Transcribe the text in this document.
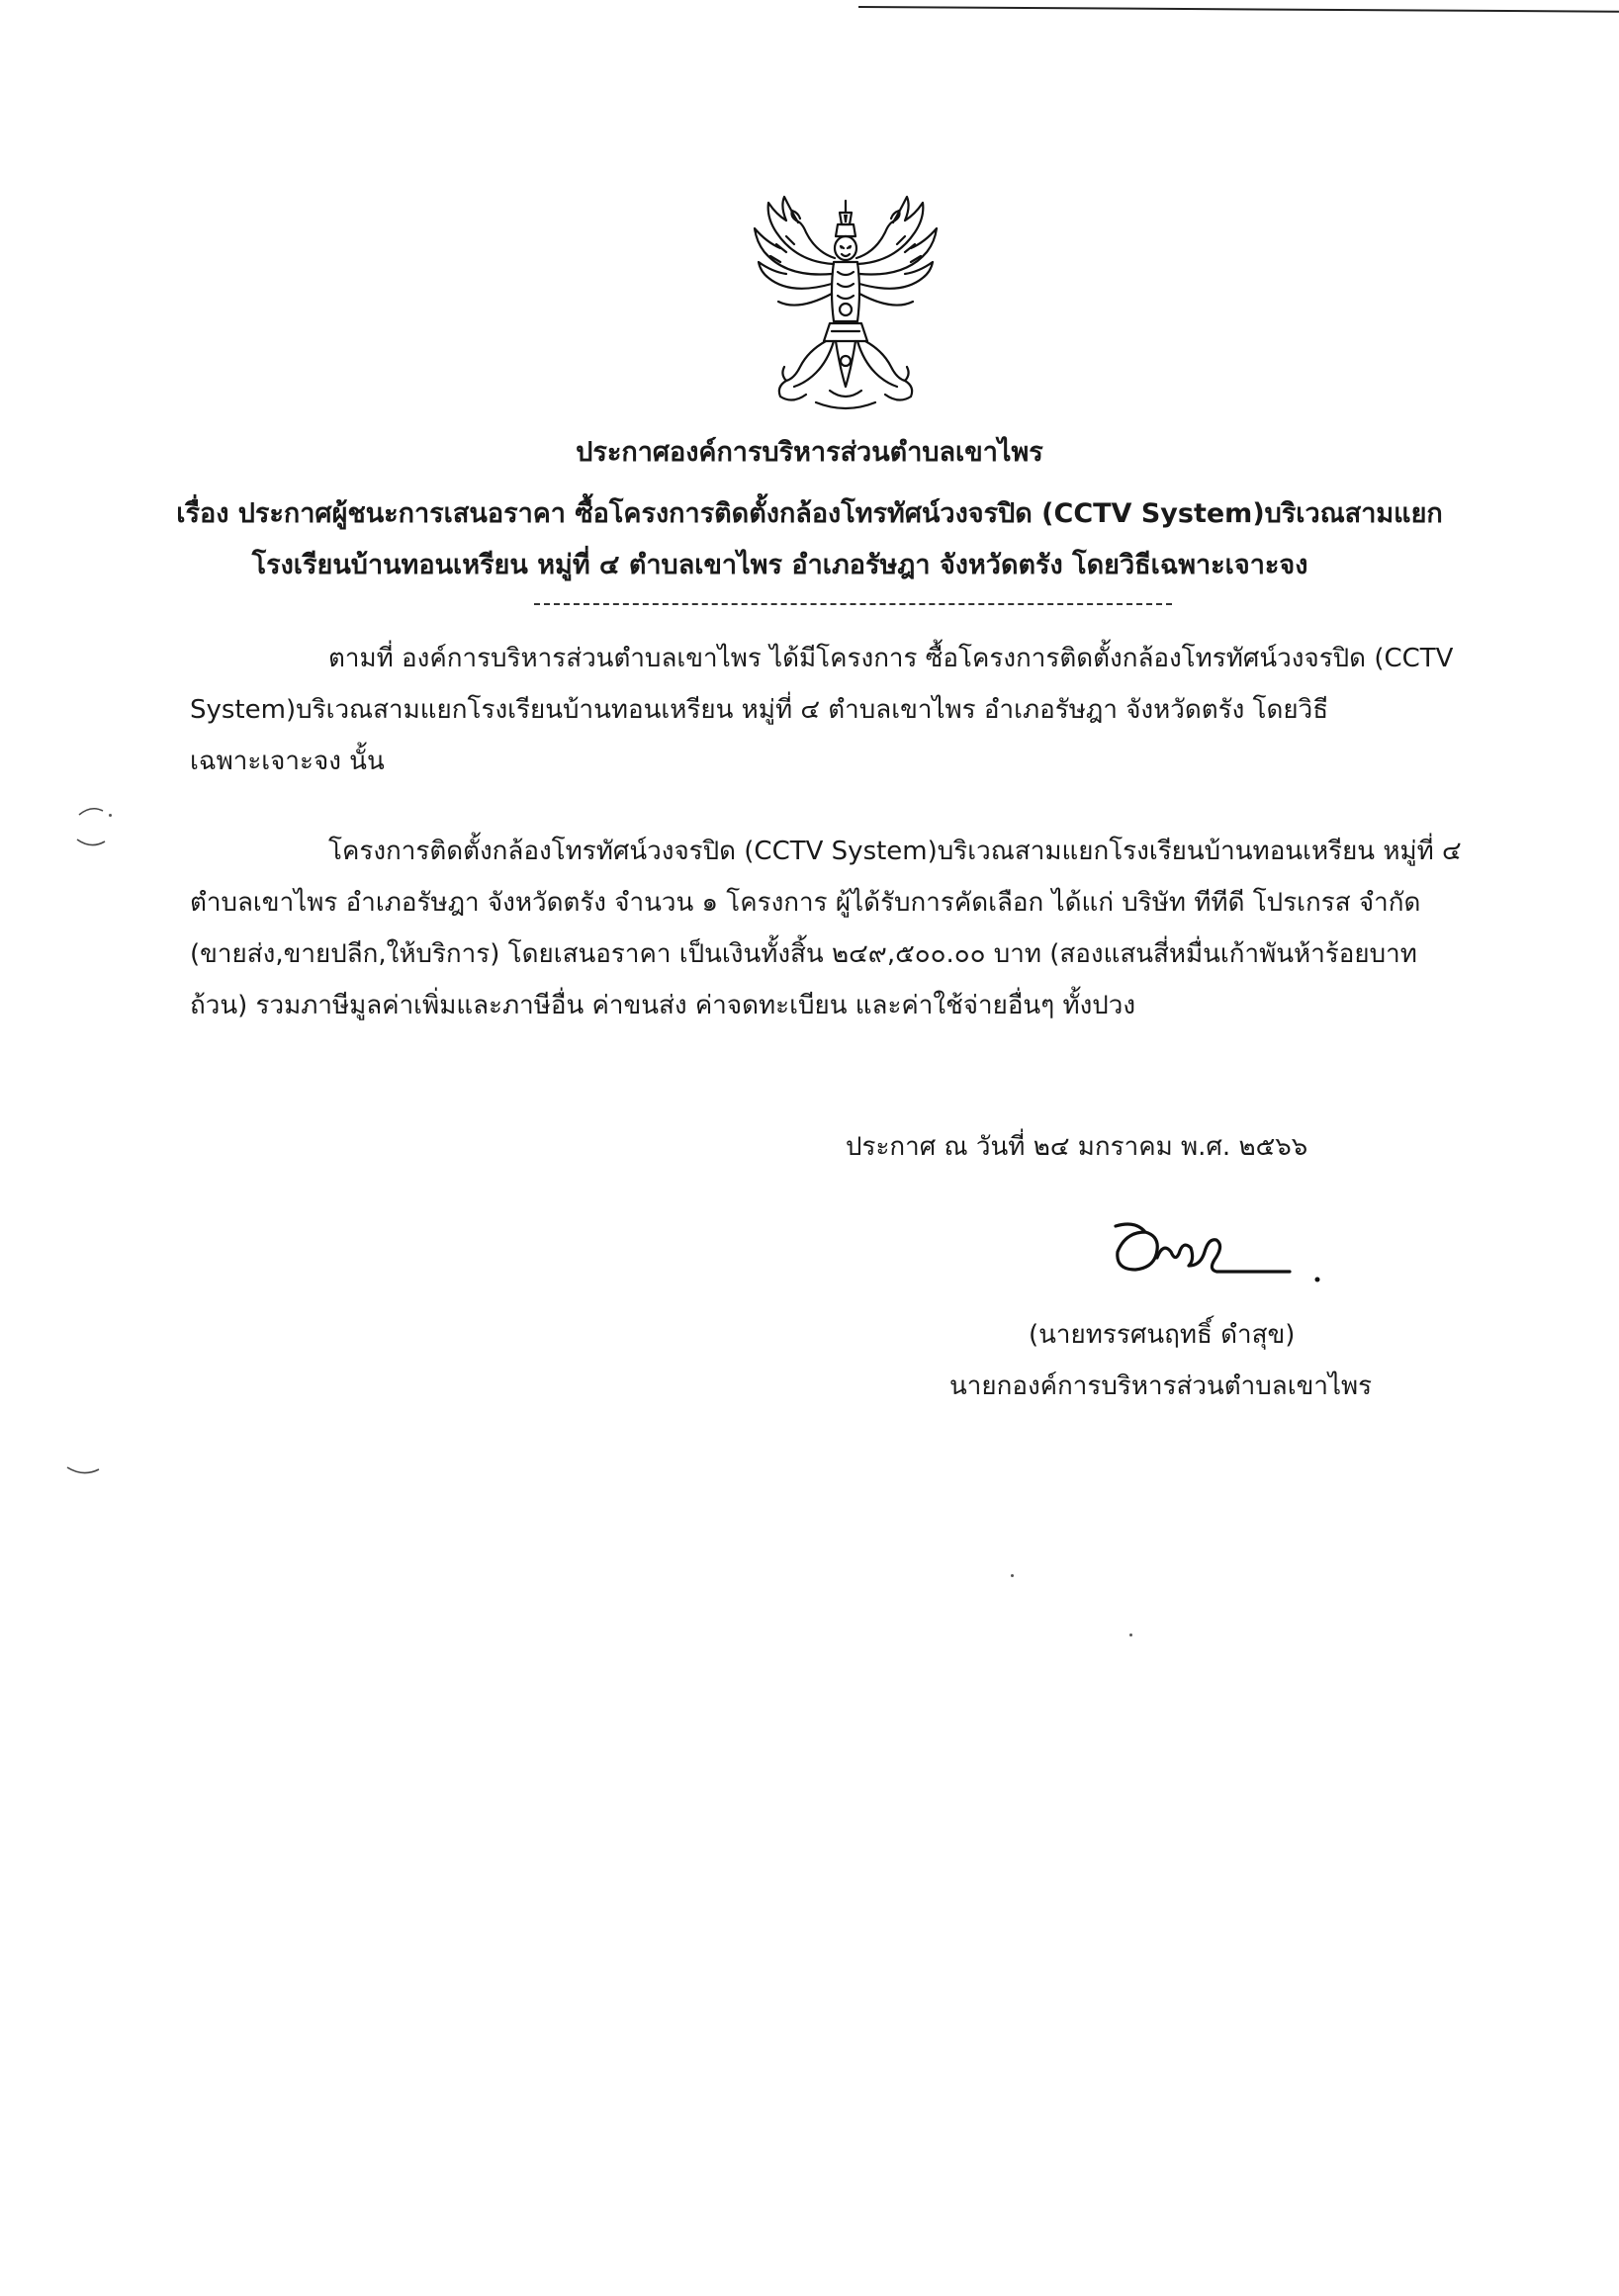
ประกาศองค์การบริหารส่วนตำบลเขาไพร
เรื่อง ประกาศผู้ชนะการเสนอราคา ซื้อโครงการติดตั้งกล้องโทรทัศน์วงจรปิด (CCTV System)บริเวณสามแยก
โรงเรียนบ้านทอนเหรียน หมู่ที่ ๔ ตำบลเขาไพร อำเภอรัษฎา จังหวัดตรัง โดยวิธีเฉพาะเจาะจง
ตามที่ องค์การบริหารส่วนตำบลเขาไพร ได้มีโครงการ ซื้อโครงการติดตั้งกล้องโทรทัศน์วงจรปิด (CCTV
System)บริเวณสามแยกโรงเรียนบ้านทอนเหรียน หมู่ที่ ๔ ตำบลเขาไพร อำเภอรัษฎา จังหวัดตรัง โดยวิธี
เฉพาะเจาะจง นั้น
โครงการติดตั้งกล้องโทรทัศน์วงจรปิด (CCTV System)บริเวณสามแยกโรงเรียนบ้านทอนเหรียน หมู่ที่ ๔
ตำบลเขาไพร อำเภอรัษฎา จังหวัดตรัง จำนวน ๑ โครงการ ผู้ได้รับการคัดเลือก ได้แก่ บริษัท ทีทีดี โปรเกรส จำกัด
(ขายส่ง,ขายปลีก,ให้บริการ) โดยเสนอราคา เป็นเงินทั้งสิ้น ๒๔๙,๕๐๐.๐๐ บาท (สองแสนสี่หมื่นเก้าพันห้าร้อยบาท
ถ้วน) รวมภาษีมูลค่าเพิ่มและภาษีอื่น ค่าขนส่ง ค่าจดทะเบียน และค่าใช้จ่ายอื่นๆ ทั้งปวง
ประกาศ ณ วันที่ ๒๔ มกราคม พ.ศ. ๒๕๖๖
(นายทรรศนฤทธิ์ ดำสุข)
นายกองค์การบริหารส่วนตำบลเขาไพร
